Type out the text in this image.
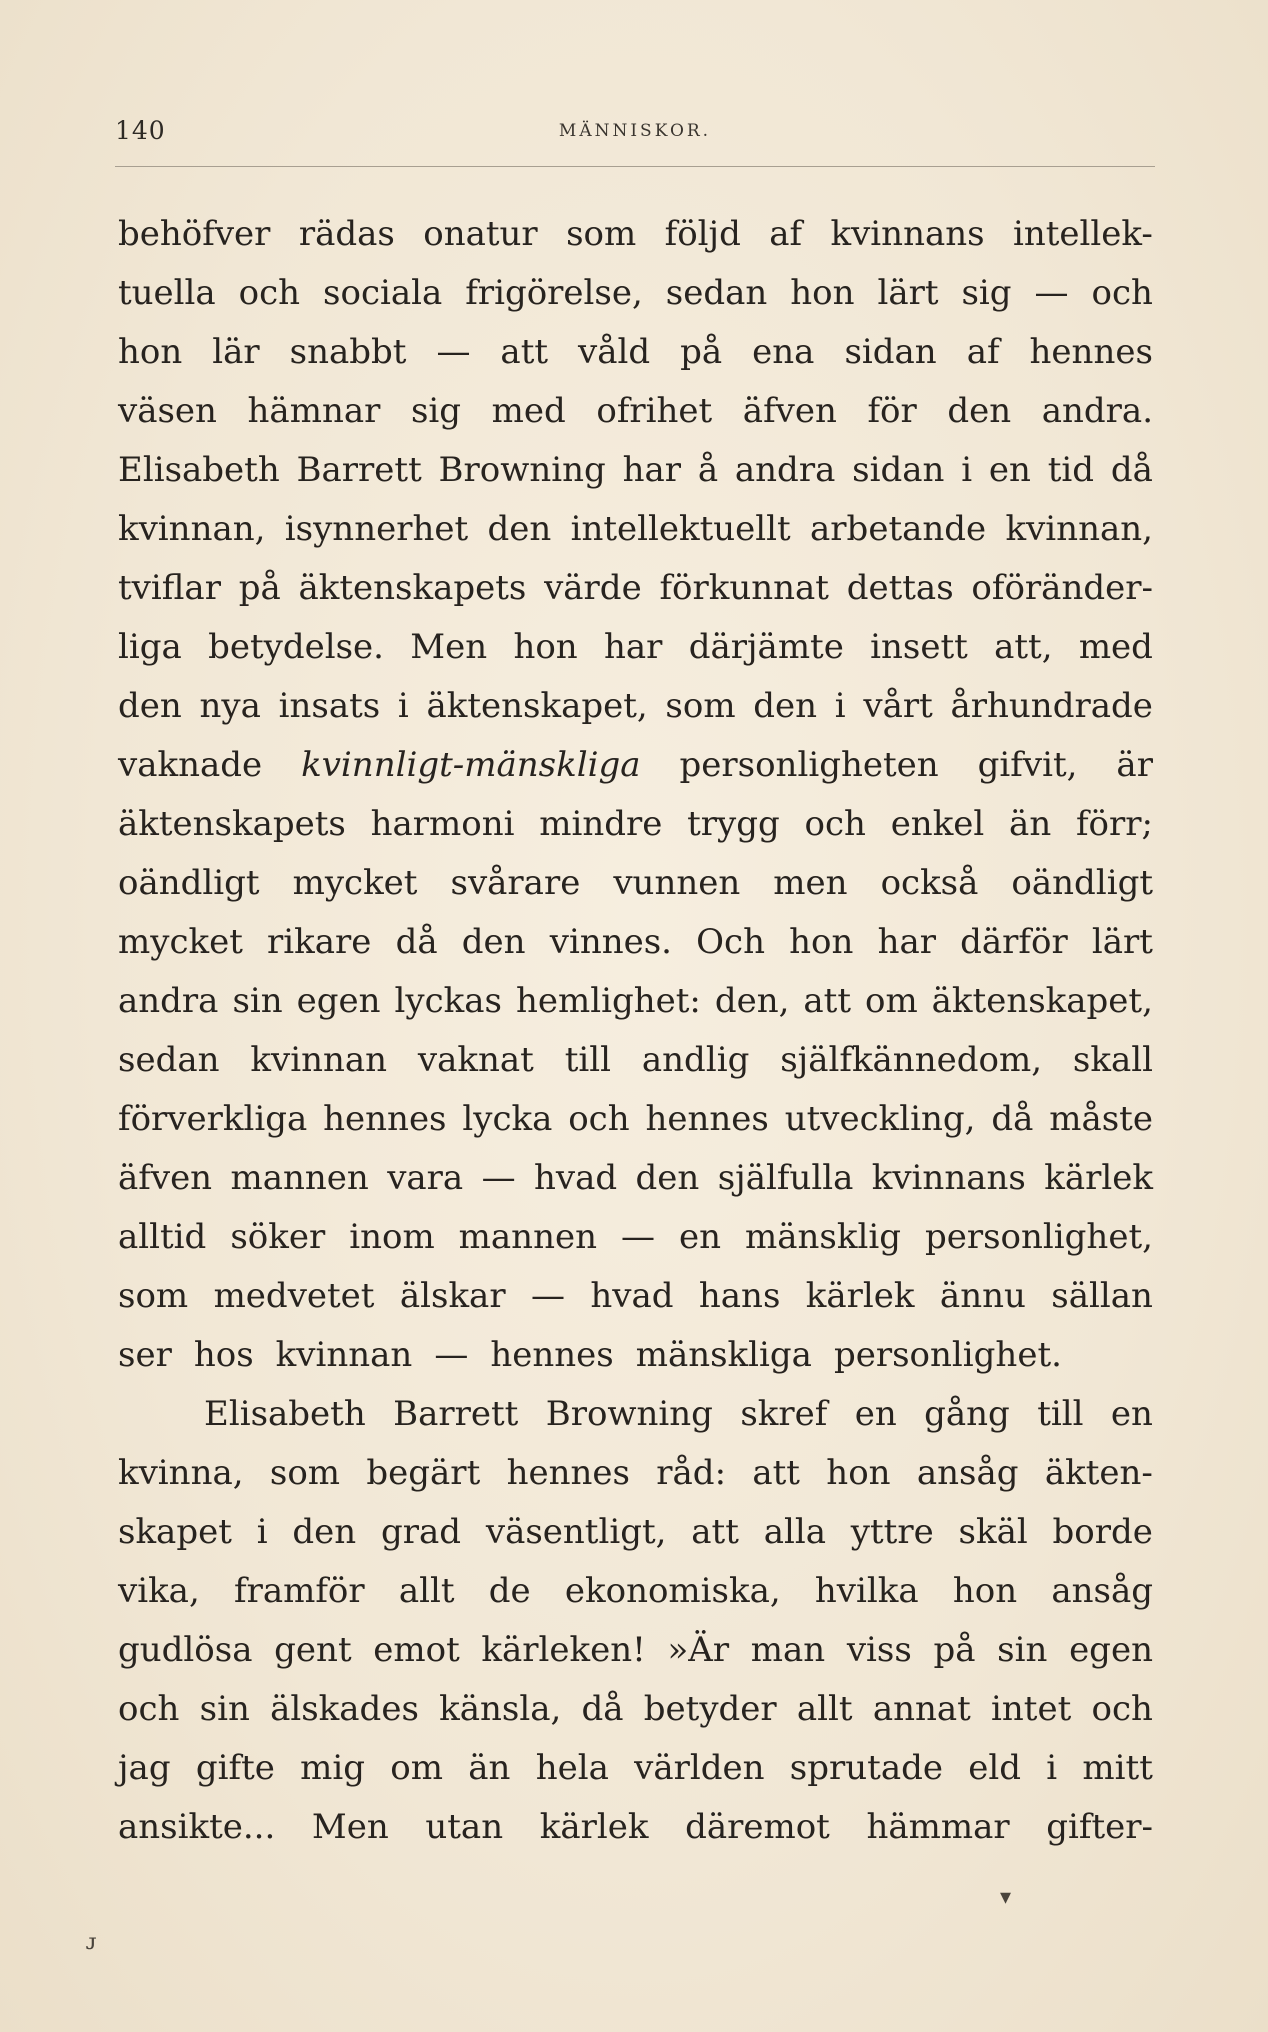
140	MÄNNISKOR.
behöfver rädas onatur som följd af kvinnans intellek-
tuella och sociala frigörelse, sedan hon lärt sig — och
hon lär snabbt — att våld på ena sidan af hennes
väsen hämnar sig med ofrihet äfven för den andra.
Elisabeth Barrett Browning har å andra sidan i en tid då
kvinnan, isynnerhet den intellektuellt arbetande kvinnan,
tviflar på äktenskapets värde förkunnat dettas oföränder-
liga betydelse. Men hon har därjämte insett att, med
den nya insats i äktenskapet, som den i vårt århundrade
vaknade kvinnligt-mänskliga personligheten gifvit, är
äktenskapets harmoni mindre trygg och enkel än förr;
oändligt mycket svårare vunnen men också oändligt
mycket rikare då den vinnes. Och hon har därför lärt
andra sin egen lyckas hemlighet: den, att om äktenskapet,
sedan kvinnan vaknat till andlig själfkännedom, skall
förverkliga hennes lycka och hennes utveckling, då måste
äfven mannen vara — hvad den själfulla kvinnans kärlek
alltid söker inom mannen — en mänsklig personlighet,
som medvetet älskar — hvad hans kärlek ännu sällan
ser hos kvinnan — hennes mänskliga personlighet.
Elisabeth Barrett Browning skref en gång till en
kvinna, som begärt hennes råd: att hon ansåg äkten-
skapet i den grad väsentligt, att alla yttre skäl borde
vika, framför allt de ekonomiska, hvilka hon ansåg
gudlösa gent emot kärleken! »Är man viss på sin egen
och sin älskades känsla, då betyder allt annat intet och
jag gifte mig om än hela världen sprutade eld i mitt
ansikte... Men utan kärlek däremot hämmar gifter-
▾
ᴊ
